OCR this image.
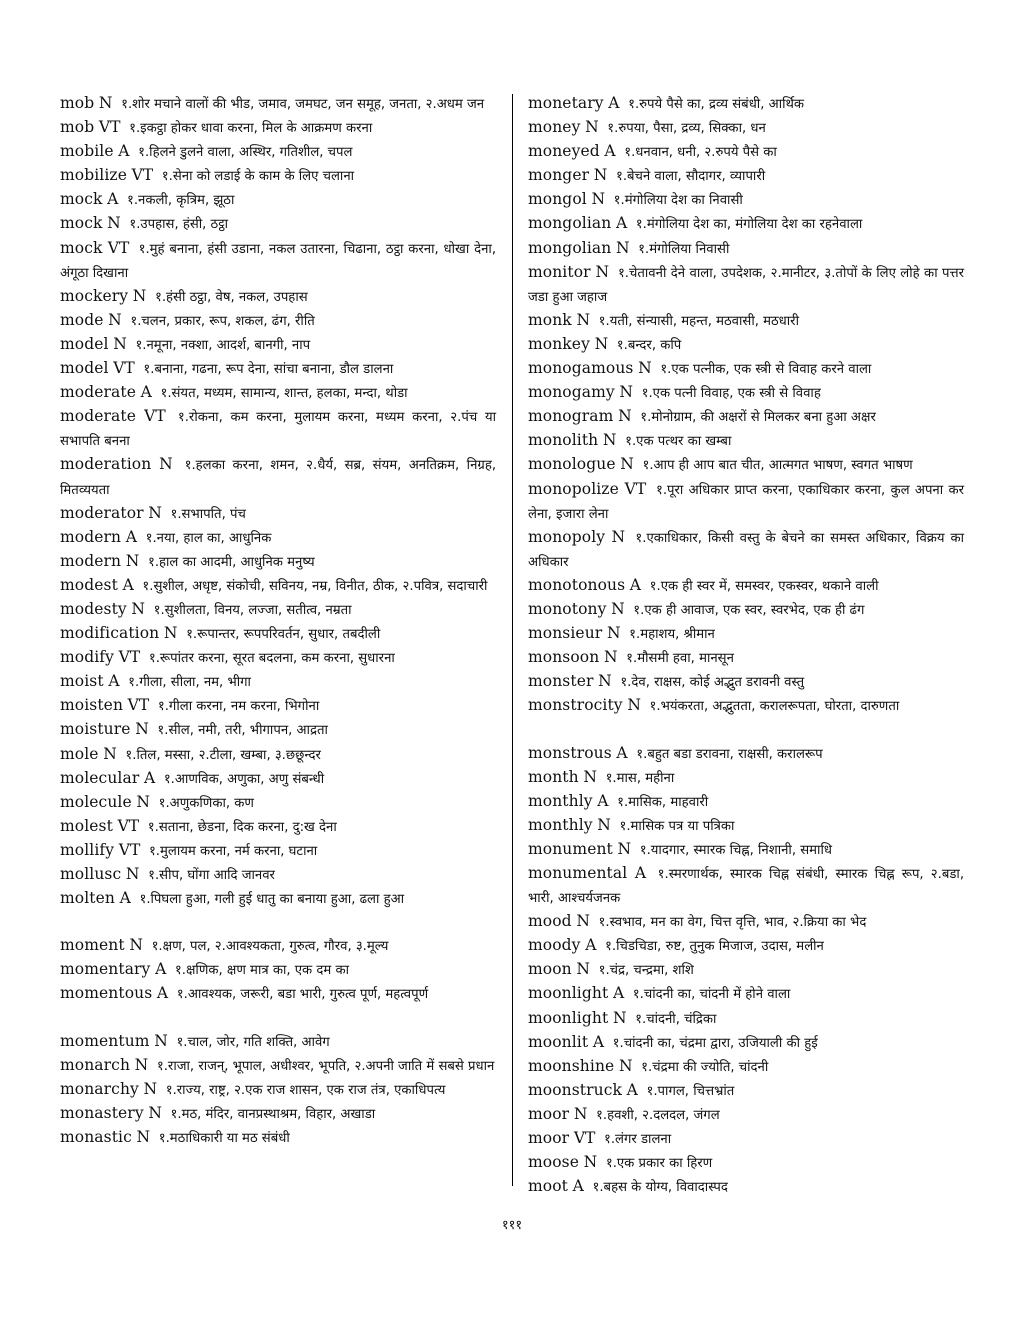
mob N १.शोर मचाने वालों की भीड, जमाव, जमघट, जन समूह, जनता, २.अधम जन
mob VT १.इकट्ठा होकर धावा करना, मिल के आक्रमण करना
mobile A १.हिलने डुलने वाला, अस्थिर, गतिशील, चपल
mobilize VT १.सेना को लडाई के काम के लिए चलाना
mock A १.नकली, कृत्रिम, झूठा
mock N १.उपहास, हंसी, ठट्ठा
mock VT १.मुहं बनाना, हंसी उडाना, नकल उतारना, चिढाना, ठट्ठा करना, धोखा देना, अंगूठा दिखाना
mockery N १.हंसी ठट्ठा, वेष, नकल, उपहास
mode N १.चलन, प्रकार, रूप, शकल, ढंग, रीति
model N १.नमूना, नक्शा, आदर्श, बानगी, नाप
model VT १.बनाना, गढना, रूप देना, सांचा बनाना, डौल डालना
moderate A १.संयत, मध्यम, सामान्य, शान्त, हलका, मन्दा, थोडा
moderate VT १.रोकना, कम करना, मुलायम करना, मध्यम करना, २.पंच या सभापति बनना
moderation N १.हलका करना, शमन, २.धैर्य, सब्र, संयम, अनतिक्रम, निग्रह, मितव्ययता
moderator N १.सभापति, पंच
modern A १.नया, हाल का, आधुनिक
modern N १.हाल का आदमी, आधुनिक मनुष्य
modest A १.सुशील, अधृष्ट, संकोची, सविनय, नम्र, विनीत, ठीक, २.पवित्र, सदाचारी
modesty N १.सुशीलता, विनय, लज्जा, सतीत्व, नम्रता
modification N १.रूपान्तर, रूपपरिवर्तन, सुधार, तबदीली
modify VT १.रूपांतर करना, सूरत बदलना, कम करना, सुधारना
moist A १.गीला, सीला, नम, भीगा
moisten VT १.गीला करना, नम करना, भिगोना
moisture N १.सील, नमी, तरी, भीगापन, आद्रता
mole N १.तिल, मस्सा, २.टीला, खम्बा, ३.छछून्दर
molecular A १.आणविक, अणुका, अणु संबन्धी
molecule N १.अणुकणिका, कण
molest VT १.सताना, छेडना, दिक करना, दु:ख देना
mollify VT १.मुलायम करना, नर्म करना, घटाना
mollusc N १.सीप, घोंगा आदि जानवर
molten A १.पिघला हुआ, गली हुई धातु का बनाया हुआ, ढला हुआ
moment N १.क्षण, पल, २.आवश्यकता, गुरुत्व, गौरव, ३.मूल्य
momentary A १.क्षणिक, क्षण मात्र का, एक दम का
momentous A १.आवश्यक, जरूरी, बडा भारी, गुरुत्व पूर्ण, महत्वपूर्ण
momentum N १.चाल, जोर, गति शक्ति, आवेग
monarch N १.राजा, राजन्, भूपाल, अधीश्वर, भूपति, २.अपनी जाति में सबसे प्रधान
monarchy N १.राज्य, राष्ट्र, २.एक राज शासन, एक राज तंत्र, एकाधिपत्य
monastery N १.मठ, मंदिर, वानप्रस्थाश्रम, विहार, अखाडा
monastic N १.मठाधिकारी या मठ संबंधी
monetary A १.रुपये पैसे का, द्रव्य संबंधी, आर्थिक
money N १.रुपया, पैसा, द्रव्य, सिक्का, धन
moneyed A १.धनवान, धनी, २.रुपये पैसे का
monger N १.बेचने वाला, सौदागर, व्यापारी
mongol N १.मंगोलिया देश का निवासी
mongolian A १.मंगोलिया देश का, मंगोलिया देश का रहनेवाला
mongolian N १.मंगोलिया निवासी
monitor N १.चेतावनी देने वाला, उपदेशक, २.मानीटर, ३.तोपों के लिए लोहे का पत्तर जडा हुआ जहाज
monk N १.यती, संन्यासी, महन्त, मठवासी, मठधारी
monkey N १.बन्दर, कपि
monogamous N १.एक पत्नीक, एक स्त्री से विवाह करने वाला
monogamy N १.एक पत्नी विवाह, एक स्त्री से विवाह
monogram N १.मोनोग्राम, की अक्षरों से मिलकर बना हुआ अक्षर
monolith N १.एक पत्थर का खम्बा
monologue N १.आप ही आप बात चीत, आत्मगत भाषण, स्वगत भाषण
monopolize VT १.पूरा अधिकार प्राप्त करना, एकाधिकार करना, कुल अपना कर लेना, इजारा लेना
monopoly N १.एकाधिकार, किसी वस्तु के बेचने का समस्त अधिकार, विक्रय का अधिकार
monotonous A १.एक ही स्वर में, समस्वर, एकस्वर, थकाने वाली
monotony N १.एक ही आवाज, एक स्वर, स्वरभेद, एक ही ढंग
monsieur N १.महाशय, श्रीमान
monsoon N १.मौसमी हवा, मानसून
monster N १.देव, राक्षस, कोई अद्भुत डरावनी वस्तु
monstrocity N १.भयंकरता, अद्भुतता, करालरूपता, घोरता, दारुणता
monstrous A १.बहुत बडा डरावना, राक्षसी, करालरूप
month N १.मास, महीना
monthly A १.मासिक, माहवारी
monthly N १.मासिक पत्र या पत्रिका
monument N १.यादगार, स्मारक चिह्न, निशानी, समाधि
monumental A १.स्मरणार्थक, स्मारक चिह्न संबंधी, स्मारक चिह्न रूप, २.बडा, भारी, आश्चर्यजनक
mood N १.स्वभाव, मन का वेग, चित्त वृत्ति, भाव, २.क्रिया का भेद
moody A १.चिडचिडा, रुष्ट, तुनुक मिजाज, उदास, मलीन
moon N १.चंद्र, चन्द्रमा, शशि
moonlight A १.चांदनी का, चांदनी में होने वाला
moonlight N १.चांदनी, चंद्रिका
moonlit A १.चांदनी का, चंद्रमा द्वारा, उजियाली की हुई
moonshine N १.चंद्रमा की ज्योति, चांदनी
moonstruck A १.पागल, चित्तभ्रांत
moor N १.हवशी, २.दलदल, जंगल
moor VT १.लंगर डालना
moose N १.एक प्रकार का हिरण
moot A १.बहस के योग्य, विवादास्पद
१११
